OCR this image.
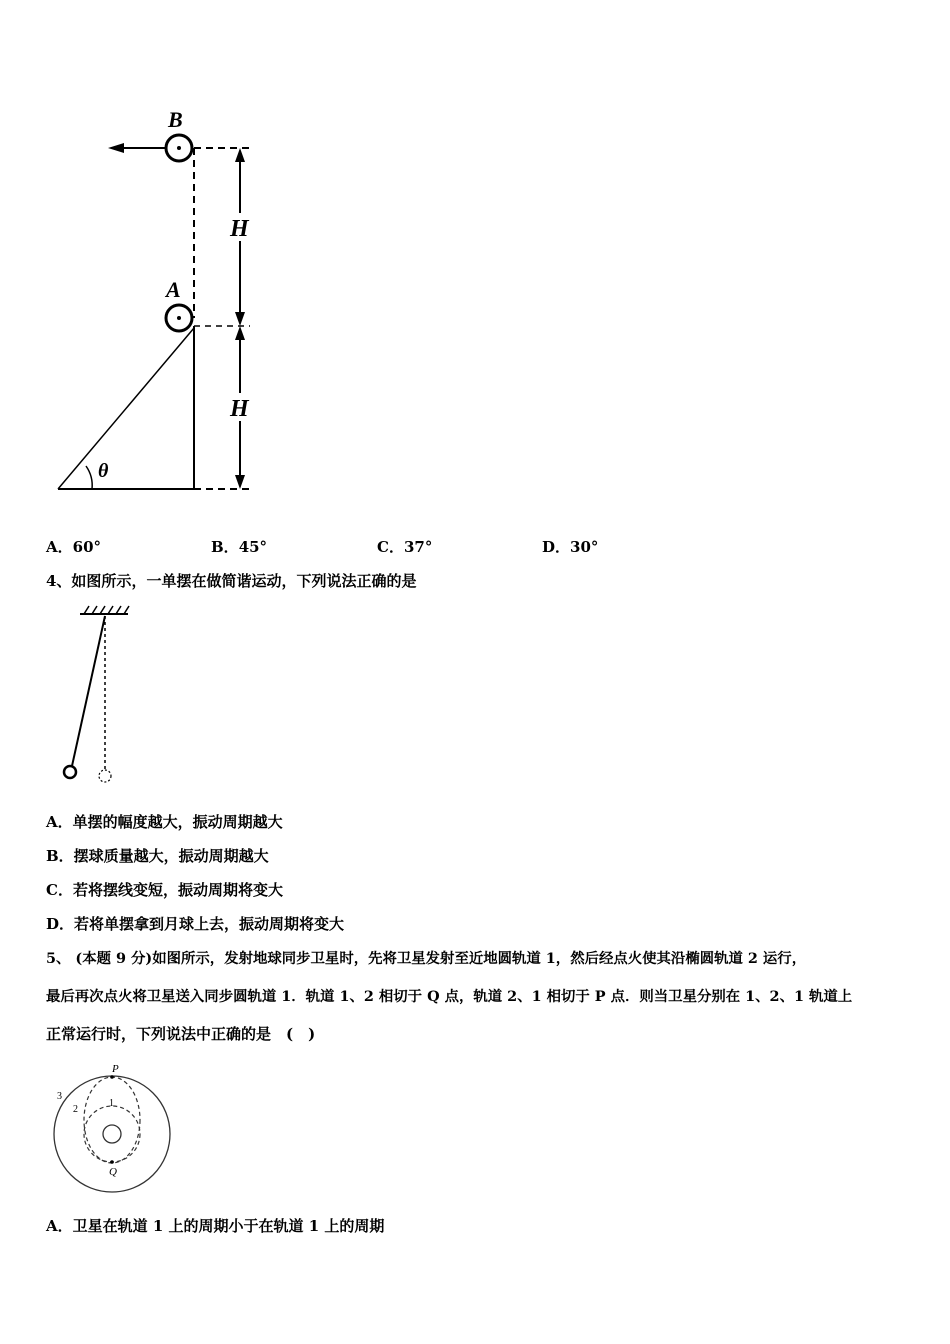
B
A
θ
H
H
A．60°	B．45°	C．37°	D．30°
4、如图所示，一单摆在做简谐运动，下列说法正确的是
A．单摆的幅度越大，振动周期越大
B．摆球质量越大，振动周期越大
C．若将摆线变短，振动周期将变大
D．若将单摆拿到月球上去，振动周期将变大
5、 (本题 9 分)如图所示，发射地球同步卫星时，先将卫星发射至近地圆轨道 1，然后经点火使其沿椭圆轨道 2 运行，
最后再次点火将卫星送入同步圆轨道 1．轨道 1、2 相切于 Q 点，轨道 2、1 相切于 P 点．则当卫星分别在 1、2、1 轨道上
正常运行时，下列说法中正确的是　(　)
P
Q
1
2
3
A．卫星在轨道 1 上的周期小于在轨道 1 上的周期
